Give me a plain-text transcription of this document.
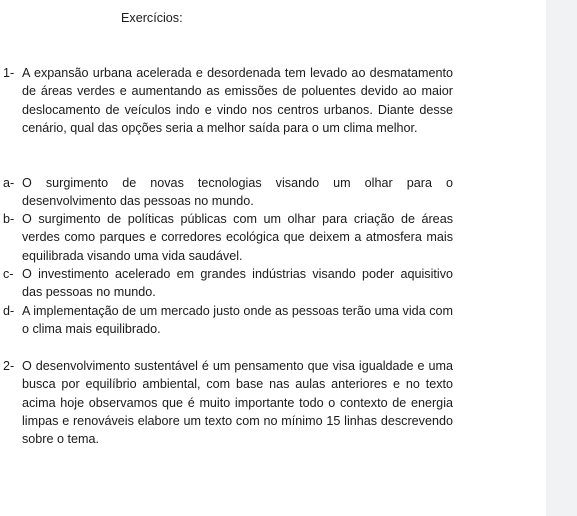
Exercícios:
1- A expansão urbana acelerada e desordenada tem levado ao desmatamento de áreas verdes e aumentando as emissões de poluentes devido ao maior deslocamento de veículos indo e vindo nos centros urbanos. Diante desse cenário, qual das opções seria a melhor saída para o um clima melhor.
a- O surgimento de novas tecnologias visando um olhar para o desenvolvimento das pessoas no mundo.
b- O surgimento de políticas públicas com um olhar para criação de áreas verdes como parques e corredores ecológica que deixem a atmosfera mais equilibrada visando uma vida saudável.
c- O investimento acelerado em grandes indústrias visando poder aquisitivo das pessoas no mundo.
d- A implementação de um mercado justo onde as pessoas terão uma vida com o clima mais equilibrado.
2- O desenvolvimento sustentável é um pensamento que visa igualdade e uma busca por equilíbrio ambiental, com base nas aulas anteriores e no texto acima hoje observamos que é muito importante todo o contexto de energia limpas e renováveis elabore um texto com no mínimo 15 linhas descrevendo sobre o tema.
